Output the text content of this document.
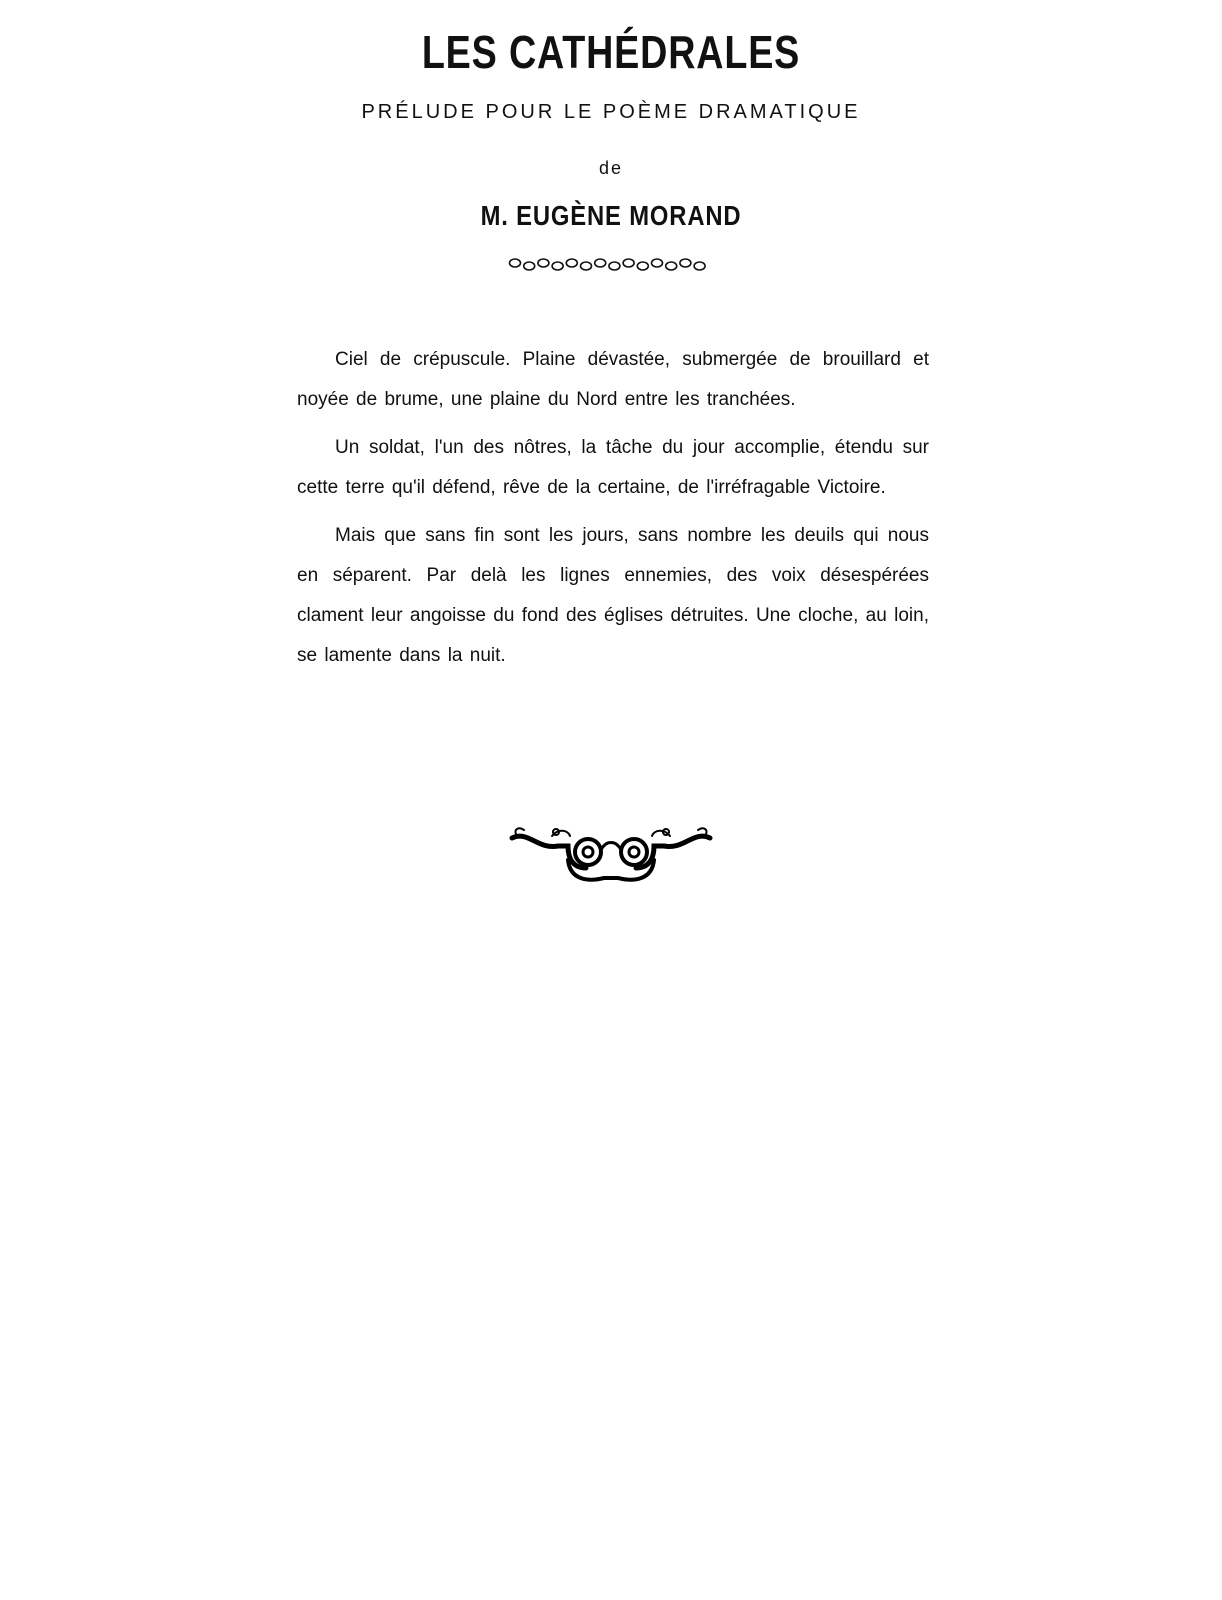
LES CATHÉDRALES
PRÉLUDE POUR LE POÈME DRAMATIQUE
de
M. EUGÈNE MORAND

Ciel de crépuscule. Plaine dévastée, submergée de brouillard et noyée de brume, une plaine du Nord entre les tranchées.

Un soldat, l'un des nôtres, la tâche du jour accomplie, étendu sur cette terre qu'il défend, rêve de la certaine, de l'irréfragable Victoire.

Mais que sans fin sont les jours, sans nombre les deuils qui nous en séparent. Par delà les lignes ennemies, des voix désespérées clament leur angoisse du fond des églises détruites. Une cloche, au loin, se lamente dans la nuit.
